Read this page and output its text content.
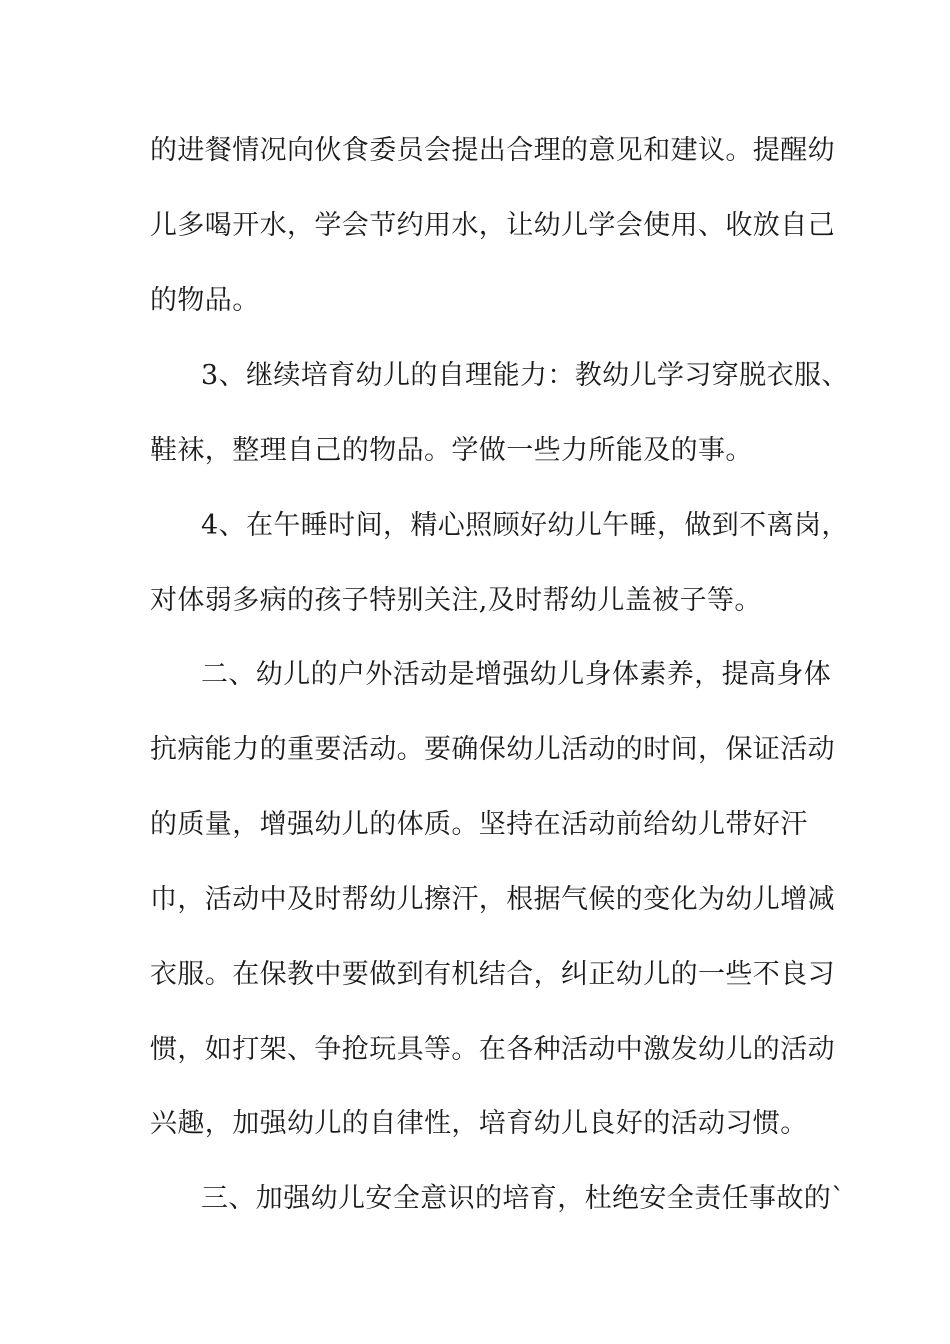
的进餐情况向伙食委员会提出合理的意见和建议。提醒幼
儿多喝开水，学会节约用水，让幼儿学会使用、收放自己
的物品。
3、继续培育幼儿的自理能力：教幼儿学习穿脱衣服、
鞋袜，整理自己的物品。学做一些力所能及的事。
4、在午睡时间，精心照顾好幼儿午睡，做到不离岗，
对体弱多病的孩子特别关注,及时帮幼儿盖被子等。
二、幼儿的户外活动是增强幼儿身体素养，提高身体
抗病能力的重要活动。要确保幼儿活动的时间，保证活动
的质量，增强幼儿的体质。坚持在活动前给幼儿带好汗
巾，活动中及时帮幼儿擦汗，根据气候的变化为幼儿增减
衣服。在保教中要做到有机结合，纠正幼儿的一些不良习
惯，如打架、争抢玩具等。在各种活动中激发幼儿的活动
兴趣，加强幼儿的自律性，培育幼儿良好的活动习惯。
三、加强幼儿安全意识的培育，杜绝安全责任事故的`
